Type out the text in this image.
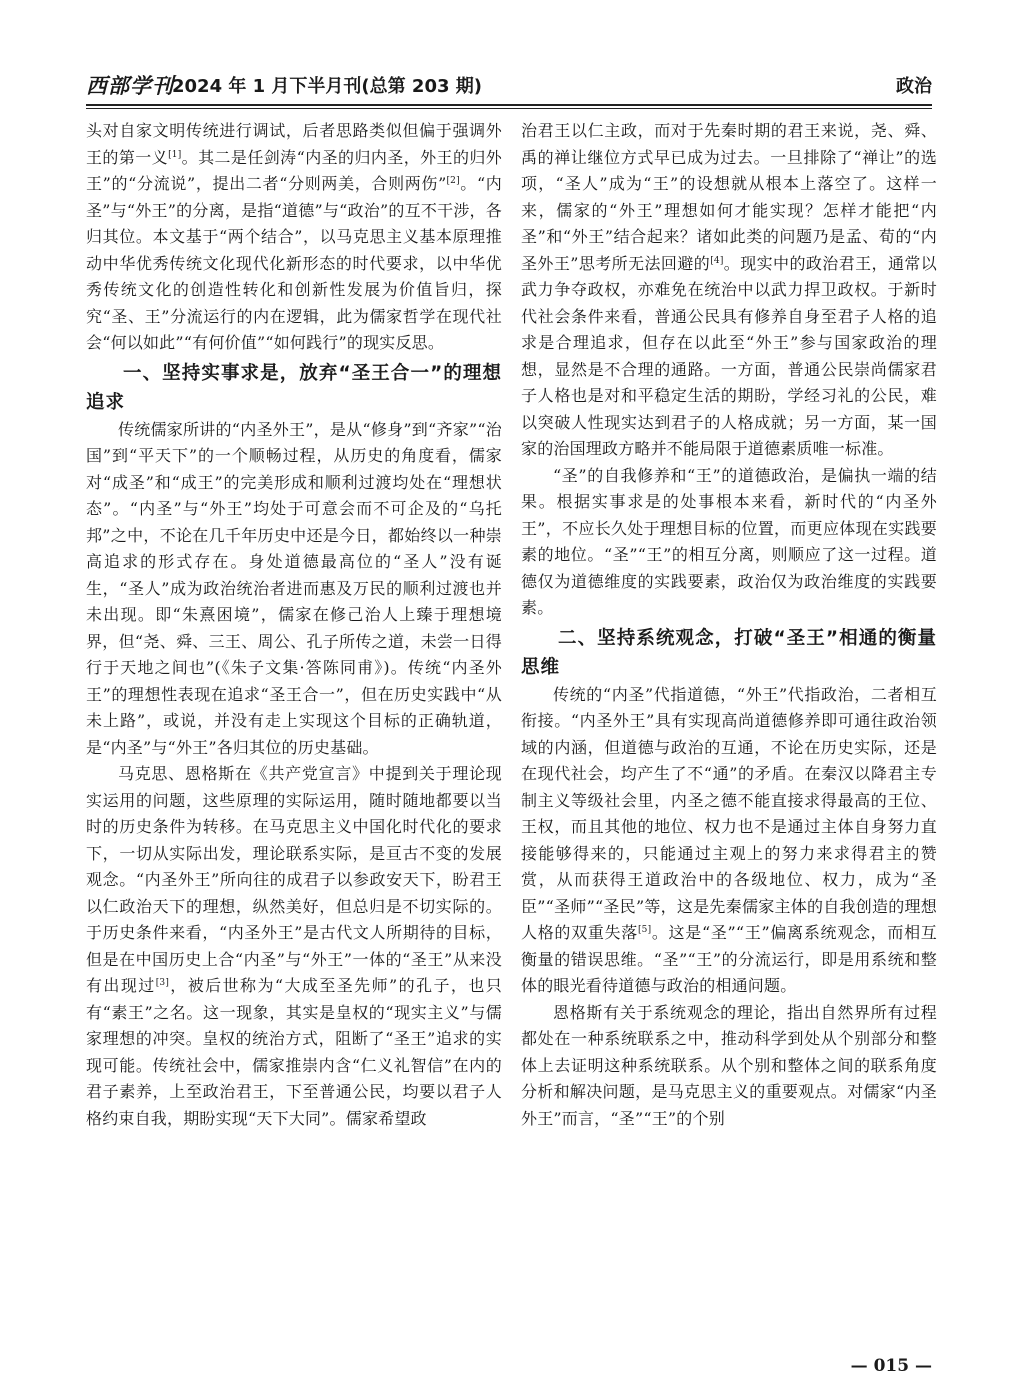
西部学刊
2024 年 1 月下半月刊(总第 203 期)	政治

头对自家文明传统进行调试，后者思路类似但偏于强调外王的第一义[1]。其二是任剑涛“内圣的归内圣，外王的归外王”的“分流说”，提出二者“分则两美，合则两伤”[2]。“内圣”与“外王”的分离，是指“道德”与“政治”的互不干涉，各归其位。本文基于“两个结合”，以马克思主义基本原理推动中华优秀传统文化现代化新形态的时代要求，以中华优秀传统文化的创造性转化和创新性发展为价值旨归，探究“圣、王”分流运行的内在逻辑，此为儒家哲学在现代社会“何以如此”“有何价值”“如何践行”的现实反思。

一、坚持实事求是，放弃“圣王合一”的理想追求

传统儒家所讲的“内圣外王”，是从“修身”到“齐家”“治国”到“平天下”的一个顺畅过程，从历史的角度看，儒家对“成圣”和“成王”的完美形成和顺利过渡均处在“理想状态”。“内圣”与“外王”均处于可意会而不可企及的“乌托邦”之中，不论在几千年历史中还是今日，都始终以一种崇高追求的形式存在。身处道德最高位的“圣人”没有诞生，“圣人”成为政治统治者进而惠及万民的顺利过渡也并未出现。即“朱熹困境”，儒家在修己治人上臻于理想境界，但“尧、舜、三王、周公、孔子所传之道，未尝一日得行于天地之间也”(《朱子文集·答陈同甫》)。传统“内圣外王”的理想性表现在追求“圣王合一”，但在历史实践中“从未上路”，或说，并没有走上实现这个目标的正确轨道，是“内圣”与“外王”各归其位的历史基础。

马克思、恩格斯在《共产党宣言》中提到关于理论现实运用的问题，这些原理的实际运用，随时随地都要以当时的历史条件为转移。在马克思主义中国化时代化的要求下，一切从实际出发，理论联系实际，是亘古不变的发展观念。“内圣外王”所向往的成君子以参政安天下，盼君王以仁政治天下的理想，纵然美好，但总归是不切实际的。于历史条件来看，“内圣外王”是古代文人所期待的目标，但是在中国历史上合“内圣”与“外王”一体的“圣王”从来没有出现过[3]，被后世称为“大成至圣先师”的孔子，也只有“素王”之名。这一现象，其实是皇权的“现实主义”与儒家理想的冲突。皇权的统治方式，阻断了“圣王”追求的实现可能。传统社会中，儒家推崇内含“仁义礼智信”在内的君子素养，上至政治君王，下至普通公民，均要以君子人格约束自我，期盼实现“天下大同”。儒家希望政

治君王以仁主政，而对于先秦时期的君王来说，尧、舜、禹的禅让继位方式早已成为过去。一旦排除了“禅让”的选项，“圣人”成为“王”的设想就从根本上落空了。这样一来，儒家的“外王”理想如何才能实现？怎样才能把“内圣”和“外王”结合起来？诸如此类的问题乃是孟、荀的“内圣外王”思考所无法回避的[4]。现实中的政治君王，通常以武力争夺政权，亦难免在统治中以武力捍卫政权。于新时代社会条件来看，普通公民具有修养自身至君子人格的追求是合理追求，但存在以此至“外王”参与国家政治的理想，显然是不合理的通路。一方面，普通公民崇尚儒家君子人格也是对和平稳定生活的期盼，学经习礼的公民，难以突破人性现实达到君子的人格成就；另一方面，某一国家的治国理政方略并不能局限于道德素质唯一标准。

“圣”的自我修养和“王”的道德政治，是偏执一端的结果。根据实事求是的处事根本来看，新时代的“内圣外王”，不应长久处于理想目标的位置，而更应体现在实践要素的地位。“圣”“王”的相互分离，则顺应了这一过程。道德仅为道德维度的实践要素，政治仅为政治维度的实践要素。

二、坚持系统观念，打破“圣王”相通的衡量思维

传统的“内圣”代指道德，“外王”代指政治，二者相互衔接。“内圣外王”具有实现高尚道德修养即可通往政治领域的内涵，但道德与政治的互通，不论在历史实际，还是在现代社会，均产生了不“通”的矛盾。在秦汉以降君主专制主义等级社会里，内圣之德不能直接求得最高的王位、王权，而且其他的地位、权力也不是通过主体自身努力直接能够得来的，只能通过主观上的努力来求得君主的赞赏，从而获得王道政治中的各级地位、权力，成为“圣臣”“圣师”“圣民”等，这是先秦儒家主体的自我创造的理想人格的双重失落[5]。这是“圣”“王”偏离系统观念，而相互衡量的错误思维。“圣”“王”的分流运行，即是用系统和整体的眼光看待道德与政治的相通问题。

恩格斯有关于系统观念的理论，指出自然界所有过程都处在一种系统联系之中，推动科学到处从个别部分和整体上去证明这种系统联系。从个别和整体之间的联系角度分析和解决问题，是马克思主义的重要观点。对儒家“内圣外王”而言，“圣”“王”的个别

— 015 —
